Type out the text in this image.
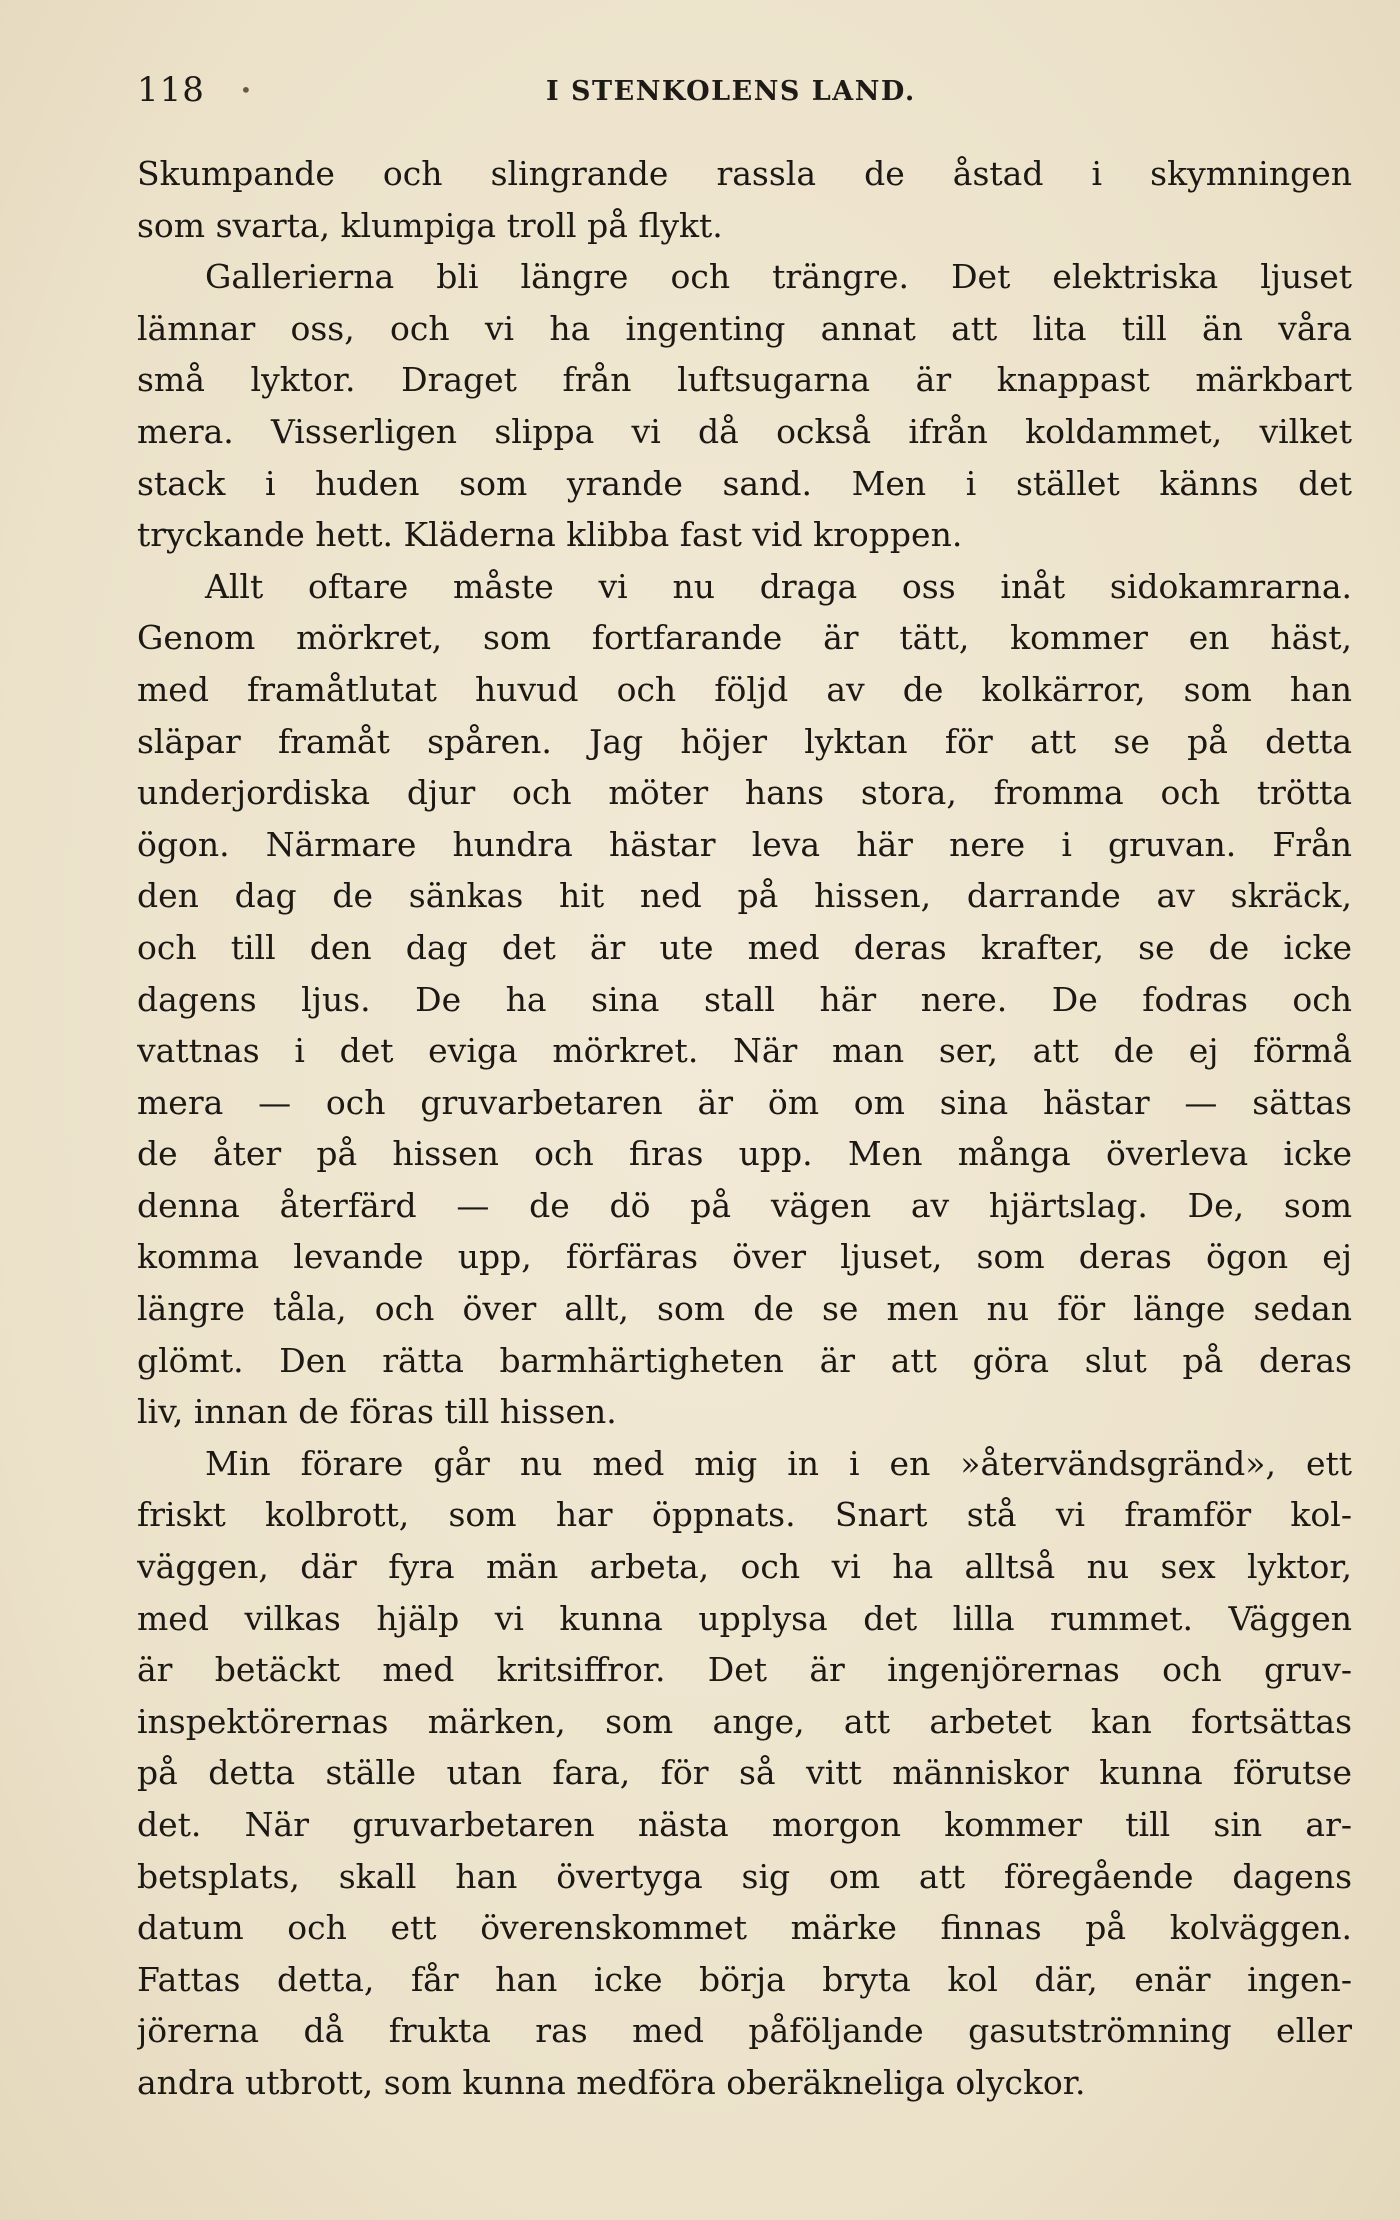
118 •	I STENKOLENS LAND.
Skumpande och slingrande rassla de åstad i skymningen
som svarta, klumpiga troll på flykt.
Gallerierna bli längre och trängre. Det elektriska ljuset
lämnar oss, och vi ha ingenting annat att lita till än våra
små lyktor. Draget från luftsugarna är knappast märkbart
mera. Visserligen slippa vi då också ifrån koldammet, vilket
stack i huden som yrande sand. Men i stället känns det
tryckande hett. Kläderna klibba fast vid kroppen.
Allt oftare måste vi nu draga oss inåt sidokamrarna.
Genom mörkret, som fortfarande är tätt, kommer en häst,
med framåtlutat huvud och följd av de kolkärror, som han
släpar framåt spåren. Jag höjer lyktan för att se på detta
underjordiska djur och möter hans stora, fromma och trötta
ögon. Närmare hundra hästar leva här nere i gruvan. Från
den dag de sänkas hit ned på hissen, darrande av skräck,
och till den dag det är ute med deras krafter, se de icke
dagens ljus. De ha sina stall här nere. De fodras och
vattnas i det eviga mörkret. När man ser, att de ej förmå
mera — och gruvarbetaren är öm om sina hästar — sättas
de åter på hissen och firas upp. Men många överleva icke
denna återfärd — de dö på vägen av hjärtslag. De, som
komma levande upp, förfäras över ljuset, som deras ögon ej
längre tåla, och över allt, som de se men nu för länge sedan
glömt. Den rätta barmhärtigheten är att göra slut på deras
liv, innan de föras till hissen.
Min förare går nu med mig in i en »återvändsgränd», ett
friskt kolbrott, som har öppnats. Snart stå vi framför kol-
väggen, där fyra män arbeta, och vi ha alltså nu sex lyktor,
med vilkas hjälp vi kunna upplysa det lilla rummet. Väggen
är betäckt med kritsiffror. Det är ingenjörernas och gruv-
inspektörernas märken, som ange, att arbetet kan fortsättas
på detta ställe utan fara, för så vitt människor kunna förutse
det. När gruvarbetaren nästa morgon kommer till sin ar-
betsplats, skall han övertyga sig om att föregående dagens
datum och ett överenskommet märke finnas på kolväggen.
Fattas detta, får han icke börja bryta kol där, enär ingen-
jörerna då frukta ras med påföljande gasutströmning eller
andra utbrott, som kunna medföra oberäkneliga olyckor.
